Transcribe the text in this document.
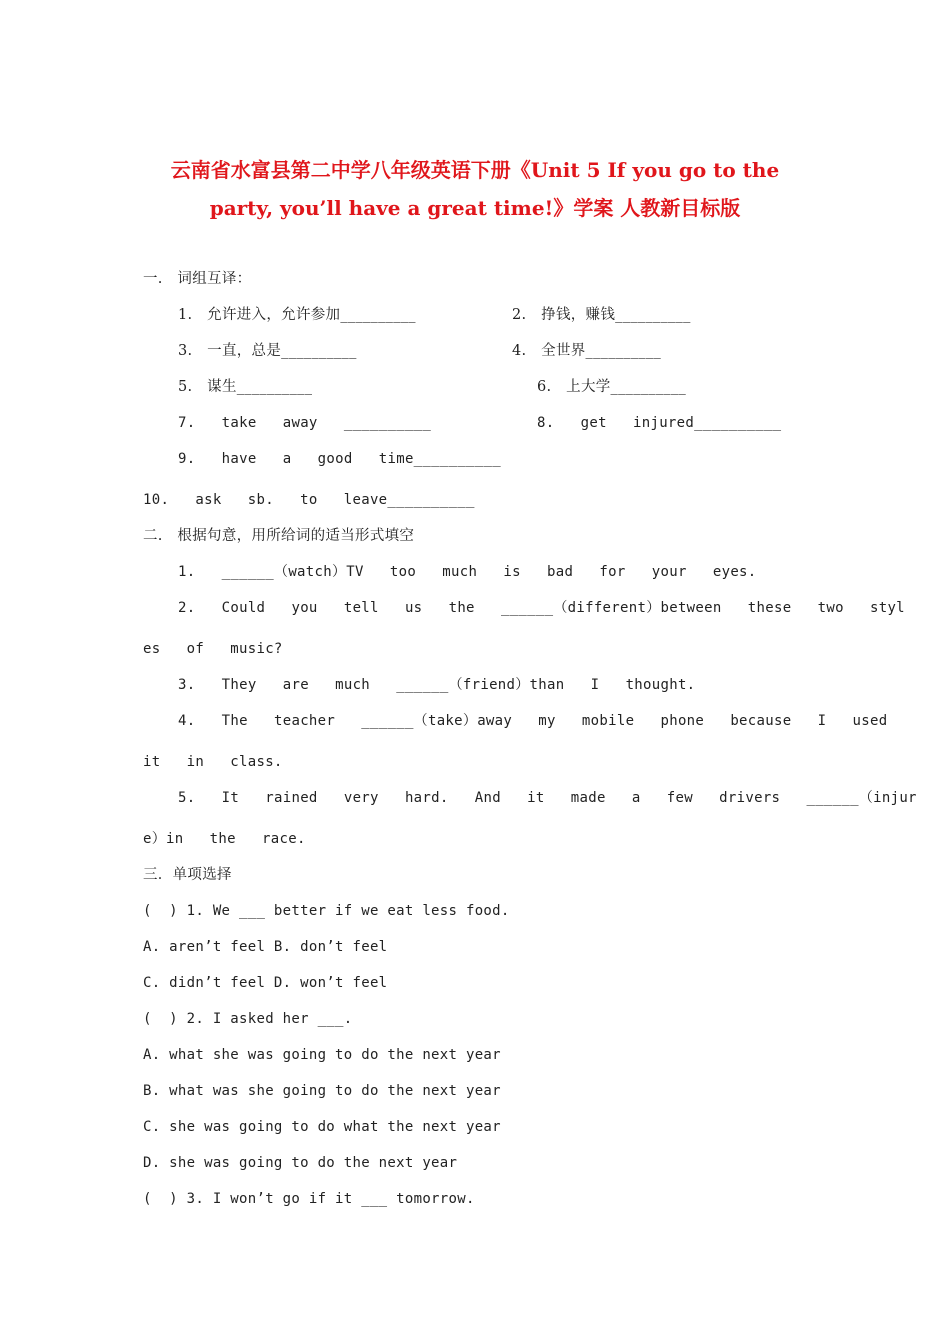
云南省水富县第二中学八年级英语下册《Unit 5 If you go to the
party, you’ll have a great time!》学案 人教新目标版
一.   词组互译：
1.   允许进入，允许参加__________	2.   挣钱，赚钱__________
3.   一直，总是__________	4.   全世界__________
5.   谋生__________	6.   上大学__________
7.   take   away   __________	8.   get   injured__________
9.   have   a   good   time__________
10.   ask   sb.   to   leave__________
二.   根据句意，用所给词的适当形式填空
1.   ______（watch）TV   too   much   is   bad   for   your   eyes.
2.   Could   you   tell   us   the   ______（different）between   these   two   styl
es   of   music?
3.   They   are   much   ______（friend）than   I   thought.
4.   The   teacher   ______（take）away   my   mobile   phone   because   I   used
it   in   class.
5.   It   rained   very   hard.   And   it   made   a   few   drivers   ______（injur
e）in   the   race.
三．单项选择
(  ) 1. We ___ better if we eat less food.
A. aren’t feel B. don’t feel
C. didn’t feel D. won’t feel
(  ) 2. I asked her ___.
A. what she was going to do the next year
B. what was she going to do the next year
C. she was going to do what the next year
D. she was going to do the next year
(  ) 3. I won’t go if it ___ tomorrow.
